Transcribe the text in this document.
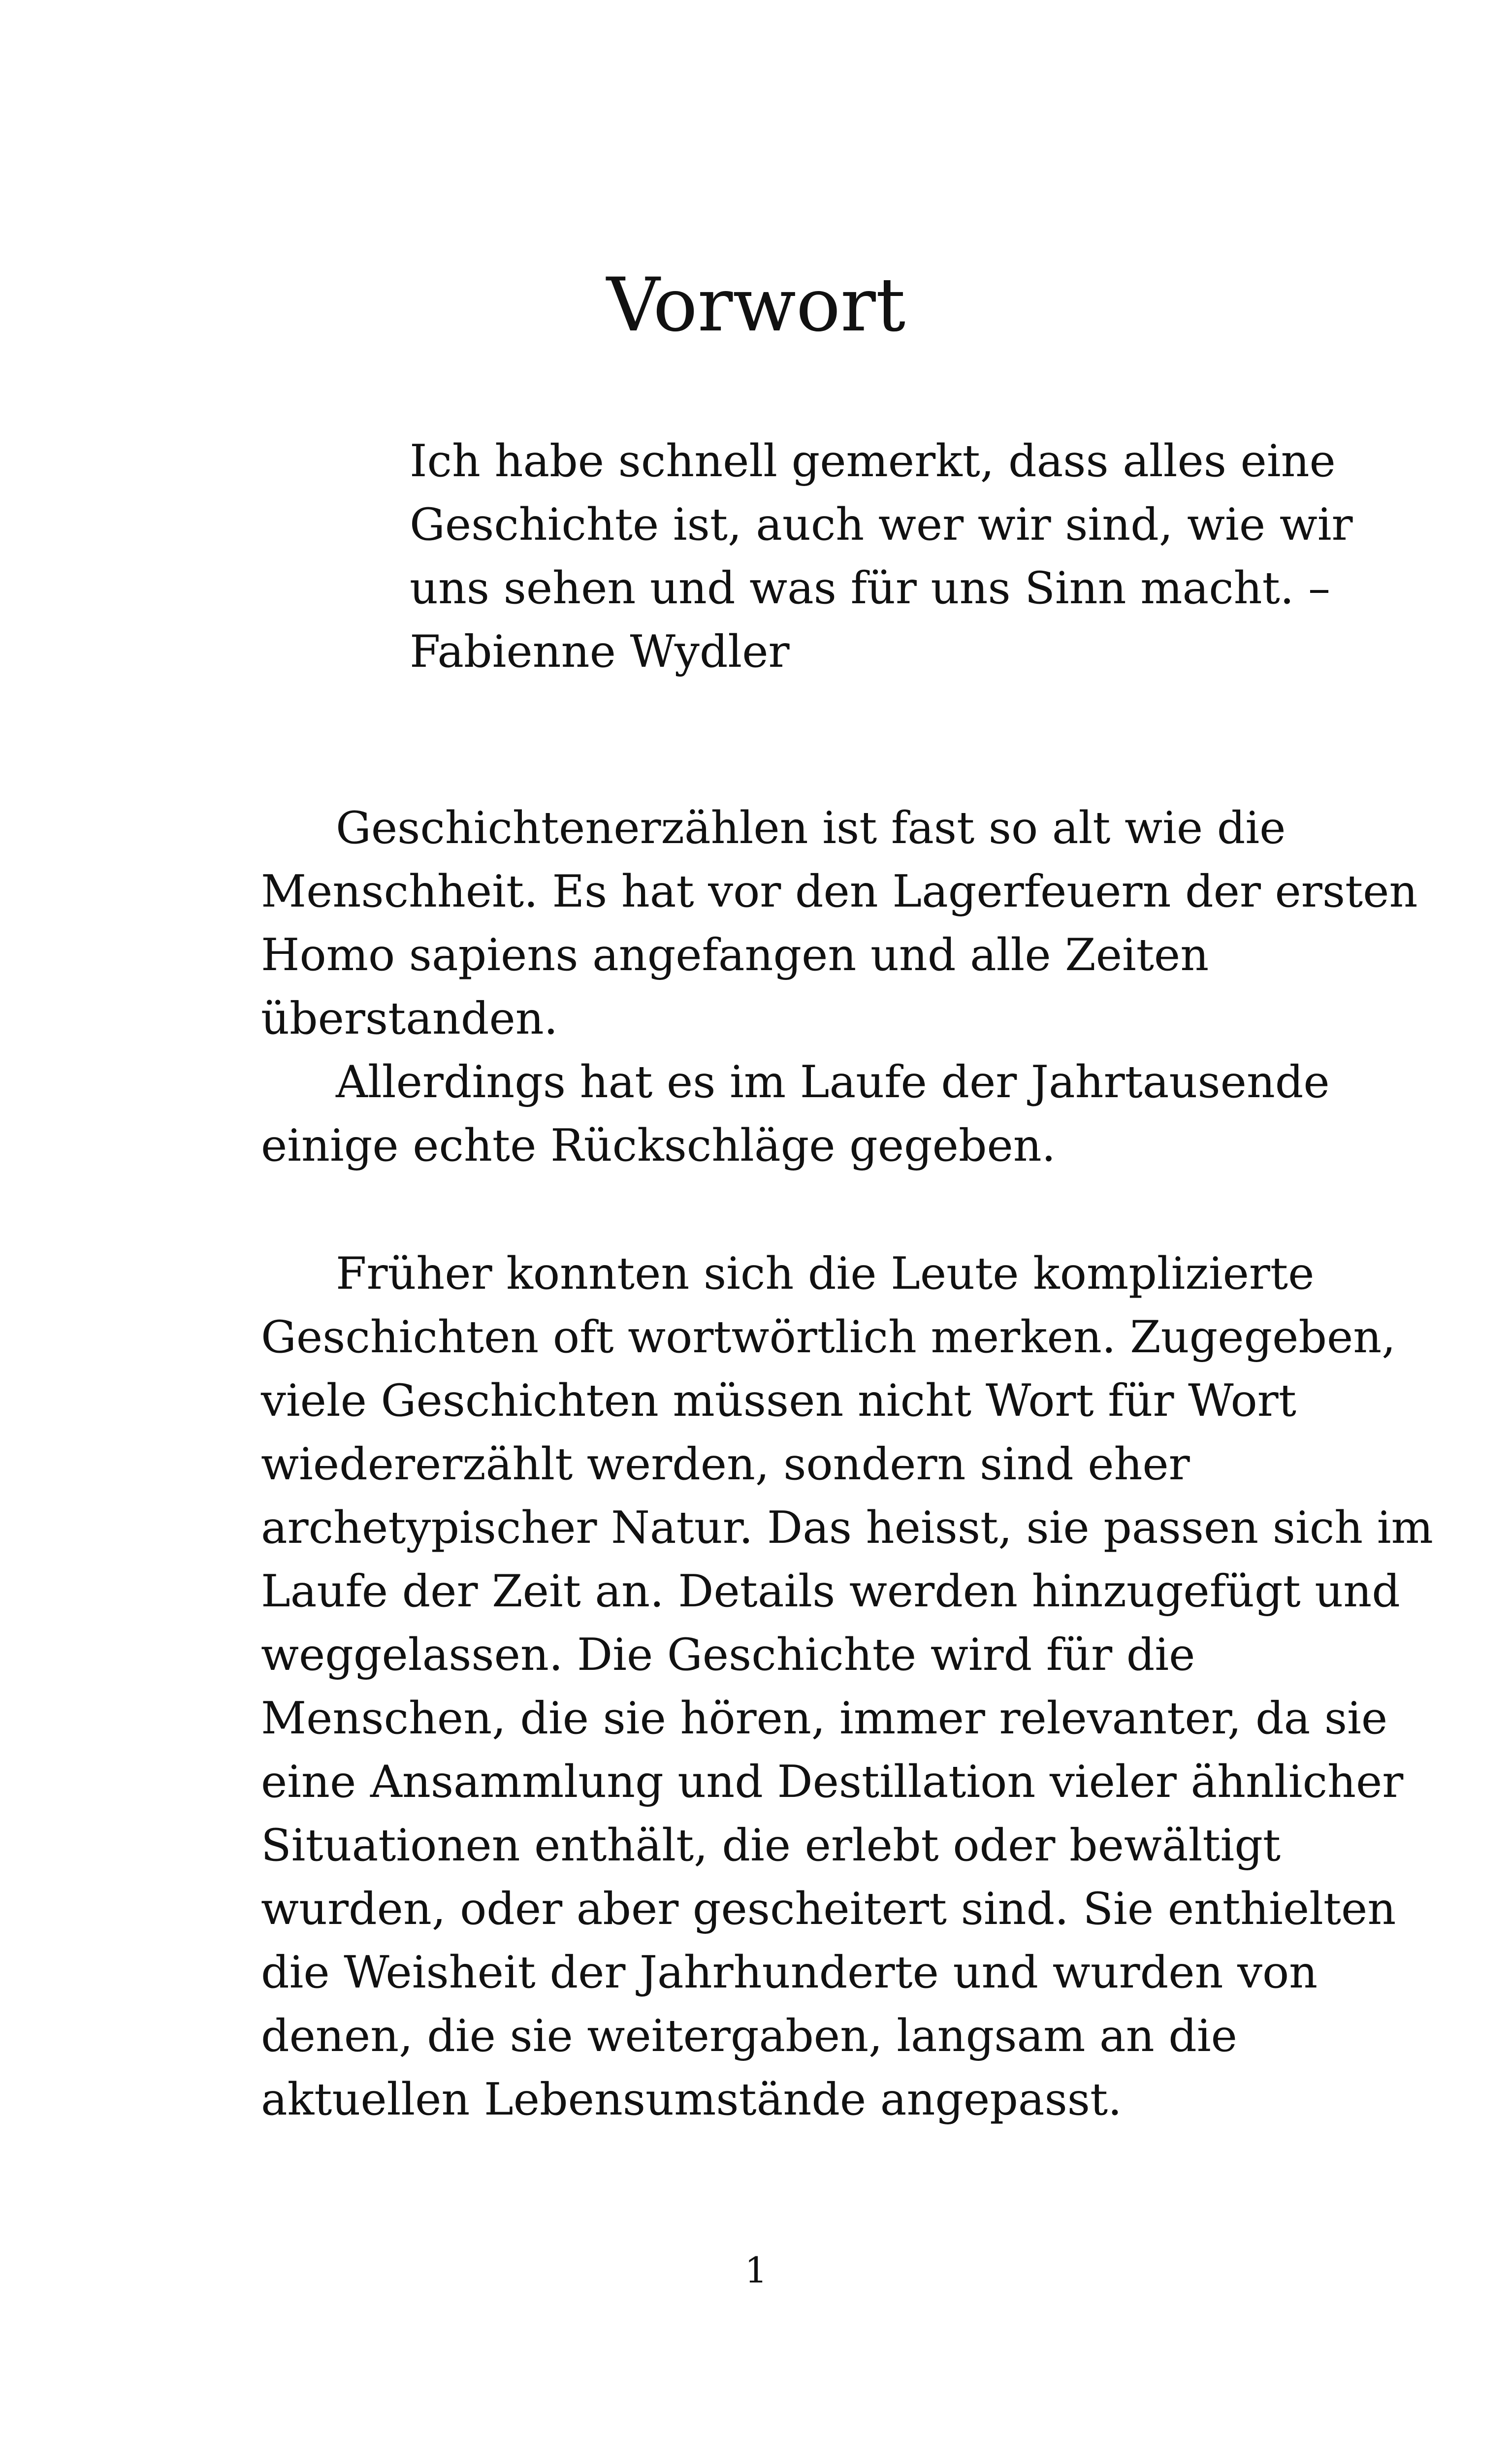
Vorwort
Ich habe schnell gemerkt, dass alles eine
Geschichte ist, auch wer wir sind, wie wir
uns sehen und was für uns Sinn macht. –
Fabienne Wydler
Geschichtenerzählen ist fast so alt wie die
Menschheit. Es hat vor den Lagerfeuern der ersten
Homo sapiens angefangen und alle Zeiten
überstanden.
Allerdings hat es im Laufe der Jahrtausende
einige echte Rückschläge gegeben.
Früher konnten sich die Leute komplizierte
Geschichten oft wortwörtlich merken. Zugegeben,
viele Geschichten müssen nicht Wort für Wort
wiedererzählt werden, sondern sind eher
archetypischer Natur. Das heisst, sie passen sich im
Laufe der Zeit an. Details werden hinzugefügt und
weggelassen. Die Geschichte wird für die
Menschen, die sie hören, immer relevanter, da sie
eine Ansammlung und Destillation vieler ähnlicher
Situationen enthält, die erlebt oder bewältigt
wurden, oder aber gescheitert sind. Sie enthielten
die Weisheit der Jahrhunderte und wurden von
denen, die sie weitergaben, langsam an die
aktuellen Lebensumstände angepasst.
1
